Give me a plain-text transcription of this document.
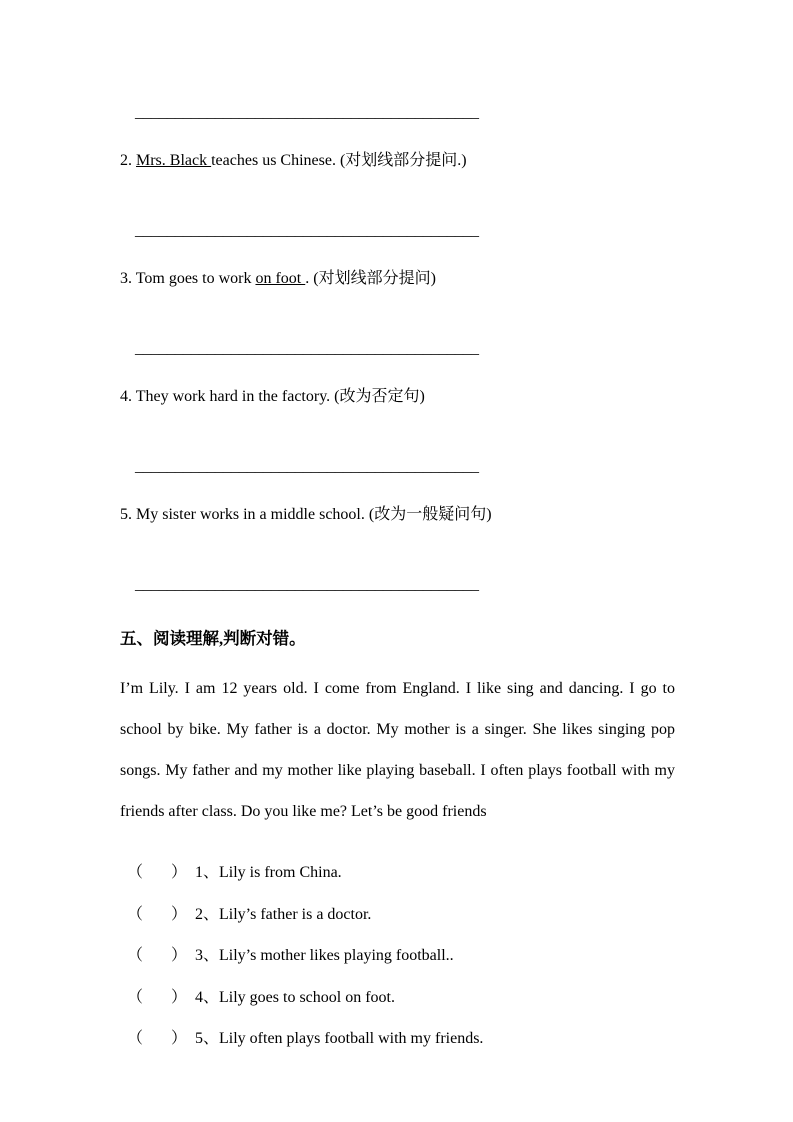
___________________________________________

2. Mrs. Black teaches us Chinese. (对划线部分提问.)

___________________________________________

3. Tom goes to work on foot . (对划线部分提问)

___________________________________________

4. They work hard in the factory. (改为否定句)

___________________________________________

5. My sister works in a middle school. (改为一般疑问句)

___________________________________________

五、阅读理解,判断对错。

I’m Lily. I am 12 years old. I come from England. I like sing and dancing. I go to
school by bike. My father is a doctor. My mother is a singer. She likes singing pop
songs. My father and my mother like playing baseball. I often plays football with my
friends after class. Do you like me? Let’s be good friends
（　） 1、Lily is from China.
（　） 2、Lily’s father is a doctor.
（　） 3、Lily’s mother likes playing football..
（　） 4、Lily goes to school on foot.
（　） 5、Lily often plays football with my friends.
